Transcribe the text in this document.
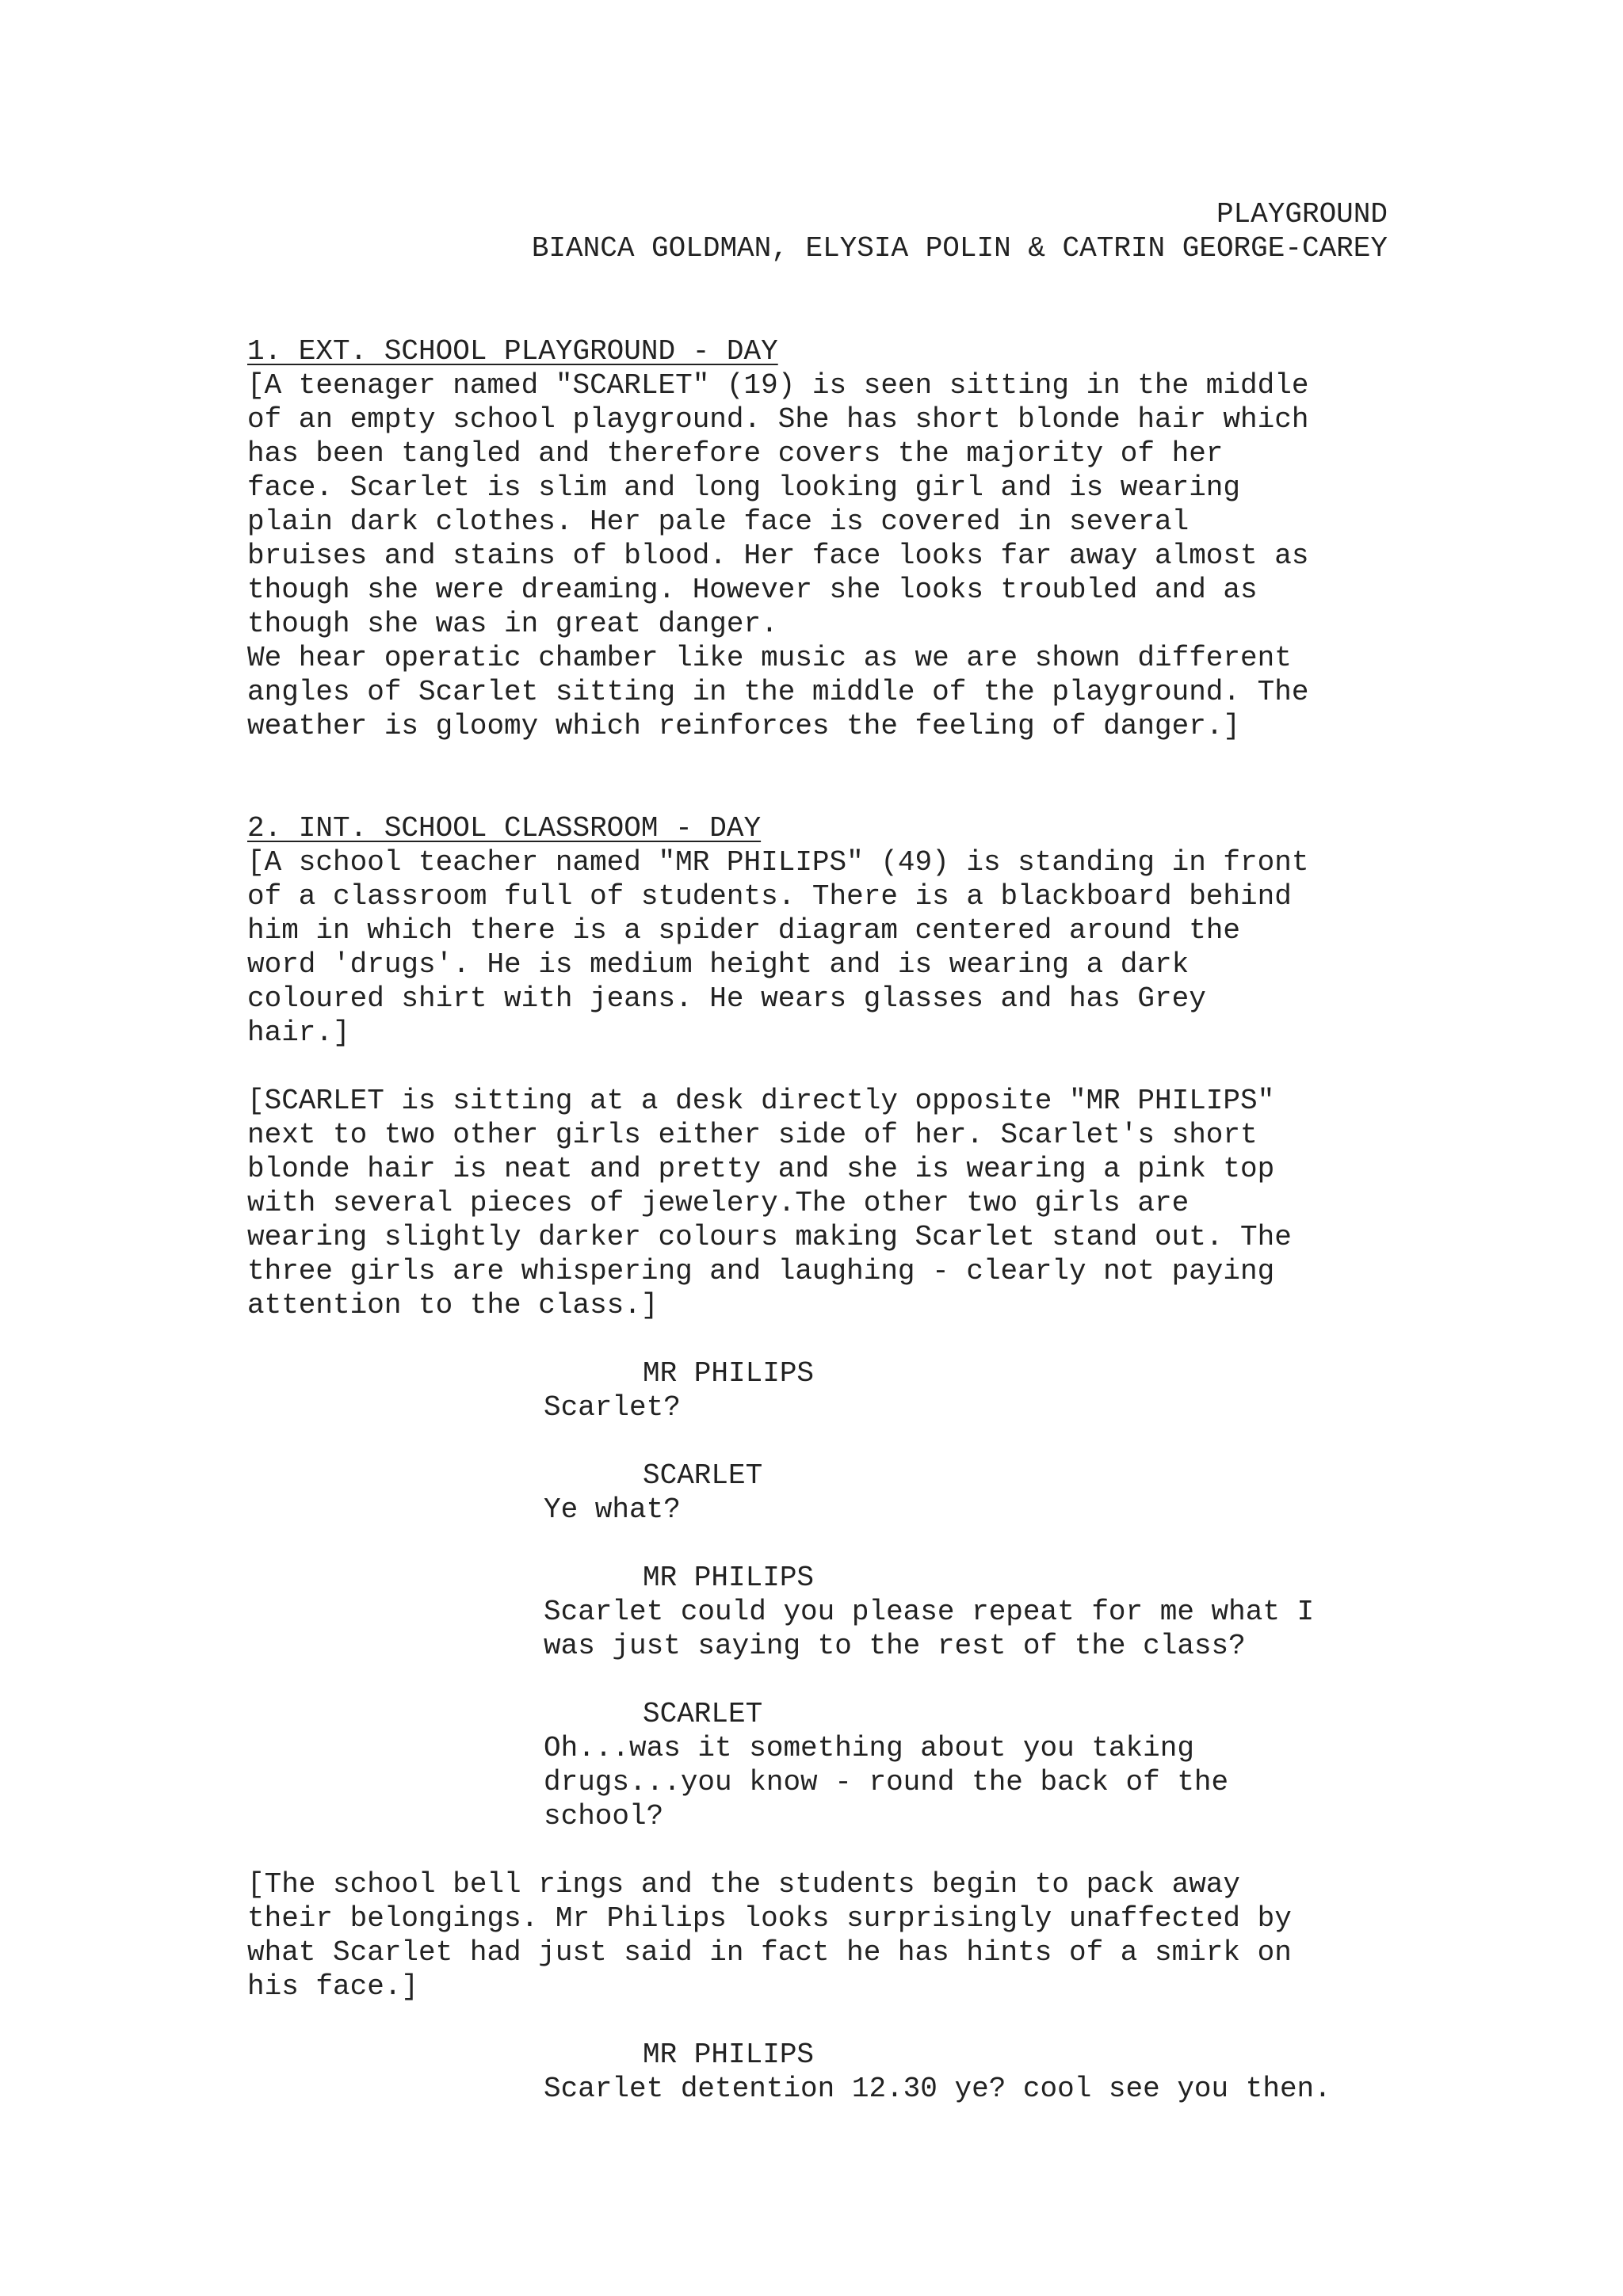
PLAYGROUND
BIANCA GOLDMAN, ELYSIA POLIN & CATRIN GEORGE-CAREY
1. EXT. SCHOOL PLAYGROUND - DAY

[A teenager named "SCARLET" (19) is seen sitting in the middle

of an empty school playground. She has short blonde hair which

has been tangled and therefore covers the majority of her

face. Scarlet is slim and long looking girl and is wearing

plain dark clothes. Her pale face is covered in several

bruises and stains of blood. Her face looks far away almost as

though she were dreaming. However she looks troubled and as

though she was in great danger.

We hear operatic chamber like music as we are shown different

angles of Scarlet sitting in the middle of the playground. The

weather is gloomy which reinforces the feeling of danger.]

2. INT. SCHOOL CLASSROOM - DAY

[A school teacher named "MR PHILIPS" (49) is standing in front

of a classroom full of students. There is a blackboard behind

him in which there is a spider diagram centered around the

word 'drugs'. He is medium height and is wearing a dark

coloured shirt with jeans. He wears glasses and has Grey

hair.]

[SCARLET is sitting at a desk directly opposite "MR PHILIPS"

next to two other girls either side of her. Scarlet's short

blonde hair is neat and pretty and she is wearing a pink top

with several pieces of jewelery.The other two girls are

wearing slightly darker colours making Scarlet stand out. The

three girls are whispering and laughing - clearly not paying

attention to the class.]

MR PHILIPS
Scarlet?
SCARLET
Ye what?
MR PHILIPS
Scarlet could you please repeat for me what I
was just saying to the rest of the class?
SCARLET
Oh...was it something about you taking
drugs...you know - round the back of the
school?

[The school bell rings and the students begin to pack away

their belongings. Mr Philips looks surprisingly unaffected by

what Scarlet had just said in fact he has hints of a smirk on

his face.]

MR PHILIPS
Scarlet detention 12.30 ye? cool see you then.
